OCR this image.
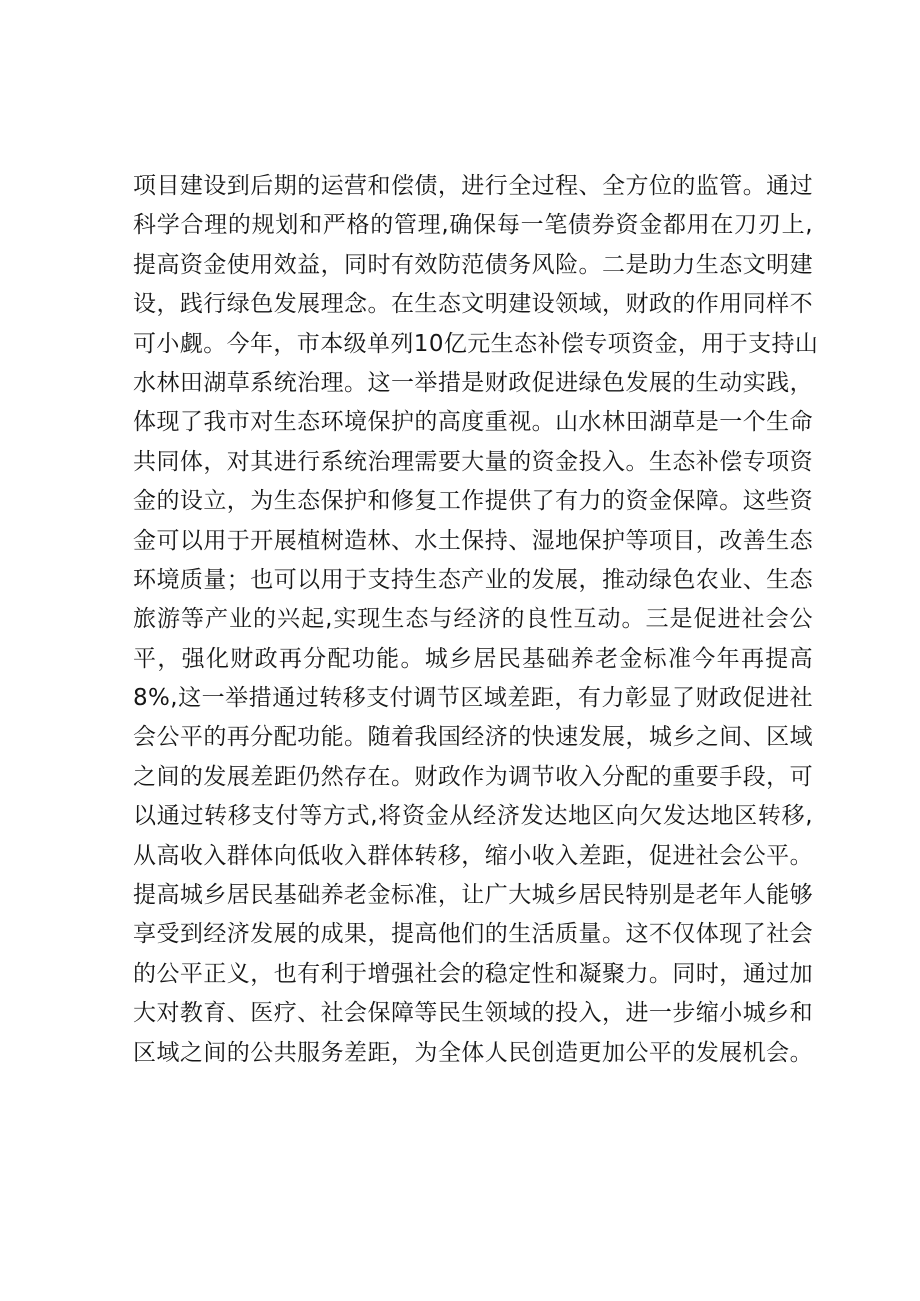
项目建设到后期的运营和偿债，进行全过程、全方位的监管。通过
科学合理的规划和严格的管理,确保每一笔债券资金都用在刀刃上,
提高资金使用效益，同时有效防范债务风险。二是助力生态文明建
设，践行绿色发展理念。在生态文明建设领域，财政的作用同样不
可小觑。今年，市本级单列10亿元生态补偿专项资金，用于支持山
水林田湖草系统治理。这一举措是财政促进绿色发展的生动实践，
体现了我市对生态环境保护的高度重视。山水林田湖草是一个生命
共同体，对其进行系统治理需要大量的资金投入。生态补偿专项资
金的设立，为生态保护和修复工作提供了有力的资金保障。这些资
金可以用于开展植树造林、水土保持、湿地保护等项目，改善生态
环境质量；也可以用于支持生态产业的发展，推动绿色农业、生态
旅游等产业的兴起,实现生态与经济的良性互动。三是促进社会公
平，强化财政再分配功能。城乡居民基础养老金标准今年再提高
8%,这一举措通过转移支付调节区域差距，有力彰显了财政促进社
会公平的再分配功能。随着我国经济的快速发展，城乡之间、区域
之间的发展差距仍然存在。财政作为调节收入分配的重要手段，可
以通过转移支付等方式,将资金从经济发达地区向欠发达地区转移,
从高收入群体向低收入群体转移，缩小收入差距，促进社会公平。
提高城乡居民基础养老金标准，让广大城乡居民特别是老年人能够
享受到经济发展的成果，提高他们的生活质量。这不仅体现了社会
的公平正义，也有利于增强社会的稳定性和凝聚力。同时，通过加
大对教育、医疗、社会保障等民生领域的投入，进一步缩小城乡和
区域之间的公共服务差距，为全体人民创造更加公平的发展机会。
